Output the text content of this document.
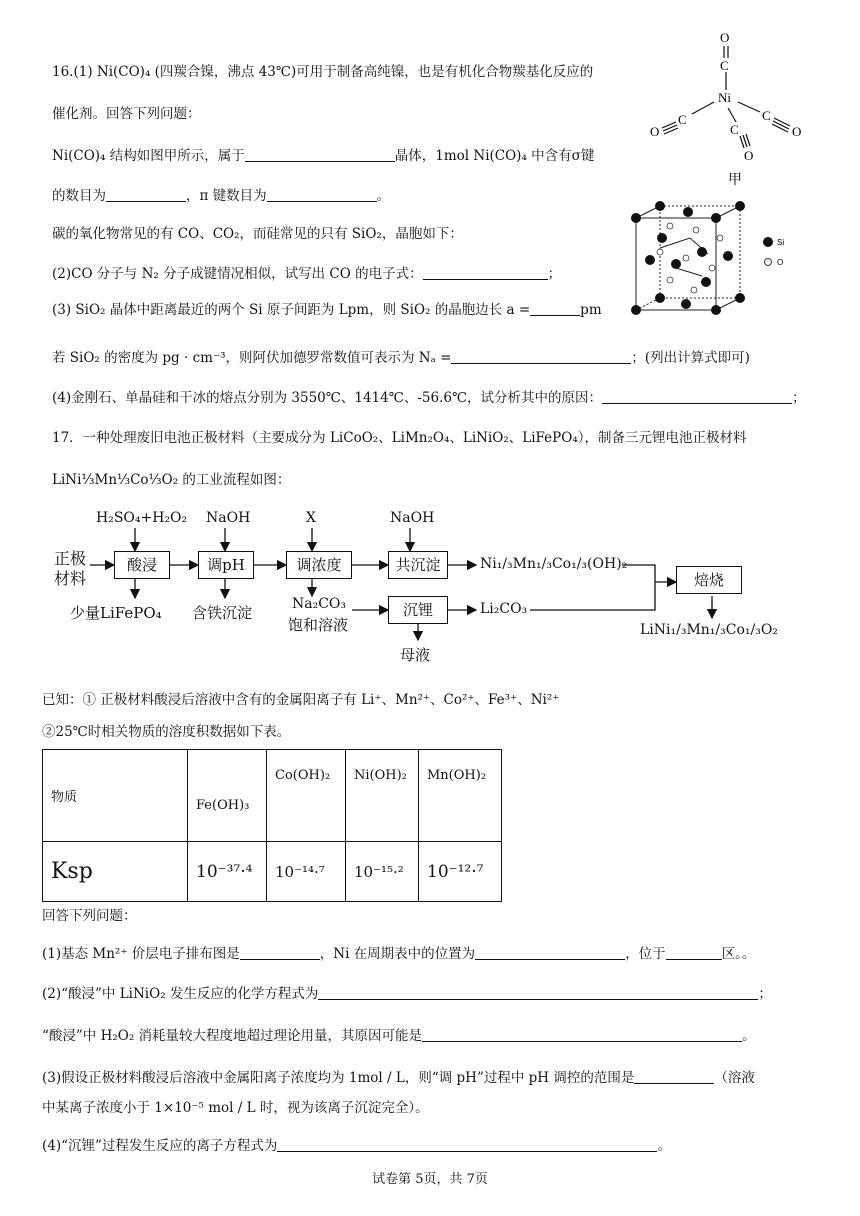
16.(1) Ni(CO)₄ (四羰合镍，沸点 43℃)可用于制备高纯镍，也是有机化合物羰基化反应的
催化剂。回答下列问题：
Ni(CO)₄ 结构如图甲所示，属于	晶体，1mol Ni(CO)₄ 中含有σ键
的数目为	，π 键数目为	。
碳的氧化物常见的有 CO、CO₂，而硅常见的只有 SiO₂，晶胞如下：
(2)CO 分子与 N₂ 分子成键情况相似，试写出 CO 的电子式：	；
(3) SiO₂ 晶体中距离最近的两个 Si 原子间距为 Lpm，则 SiO₂ 的晶胞边长 a =	pm
若 SiO₂ 的密度为 pg · cm⁻³，则阿伏加德罗常数值可表示为 Nₐ =	；(列出计算式即可)
(4)金刚石、单晶硅和干冰的熔点分别为 3550℃、1414℃、-56.6℃，试分析其中的原因：	；
O
C
Ni
C
O
C
O
C
O
甲
Si
O
17．一种处理废旧电池正极材料（主要成分为 LiCoO₂、LiMn₂O₄、LiNiO₂、LiFePO₄），制备三元锂电池正极材料
LiNi⅓Mn⅓Co⅓O₂ 的工业流程如图：
H₂SO₄+H₂O₂ NaOH	X	NaOH
正极
材料
酸浸	调pH	调浓度	共沉淀
沉锂
焙烧
少量LiFePO₄ 含铁沉淀	Na₂CO₃
饱和溶液
Ni₁/₃Mn₁/₃Co₁/₃(OH)₂
Li₂CO₃
母液
LiNi₁/₃Mn₁/₃Co₁/₃O₂
已知：① 正极材料酸浸后溶液中含有的金属阳离子有 Li⁺、Mn²⁺、Co²⁺、Fe³⁺、Ni²⁺
②25℃时相关物质的溶度积数据如下表。
物质	Fe(OH)₃	Co(OH)₂	Ni(OH)₂	Mn(OH)₂
Ksp	10⁻³⁷·⁴	10⁻¹⁴·⁷	10⁻¹⁵·²	10⁻¹²·⁷
回答下列问题：
(1)基态 Mn²⁺ 价层电子排布图是	，Ni 在周期表中的位置为	，位于	区。。
(2)“酸浸”中 LiNiO₂ 发生反应的化学方程式为	；
“酸浸”中 H₂O₂ 消耗量较大程度地超过理论用量，其原因可能是	。
(3)假设正极材料酸浸后溶液中金属阳离子浓度均为 1mol / L，则“调 pH”过程中 pH 调控的范围是	（溶液
中某离子浓度小于 1×10⁻⁵ mol / L 时，视为该离子沉淀完全）。
(4)“沉锂”过程发生反应的离子方程式为	。
试卷第 5页，共 7页
